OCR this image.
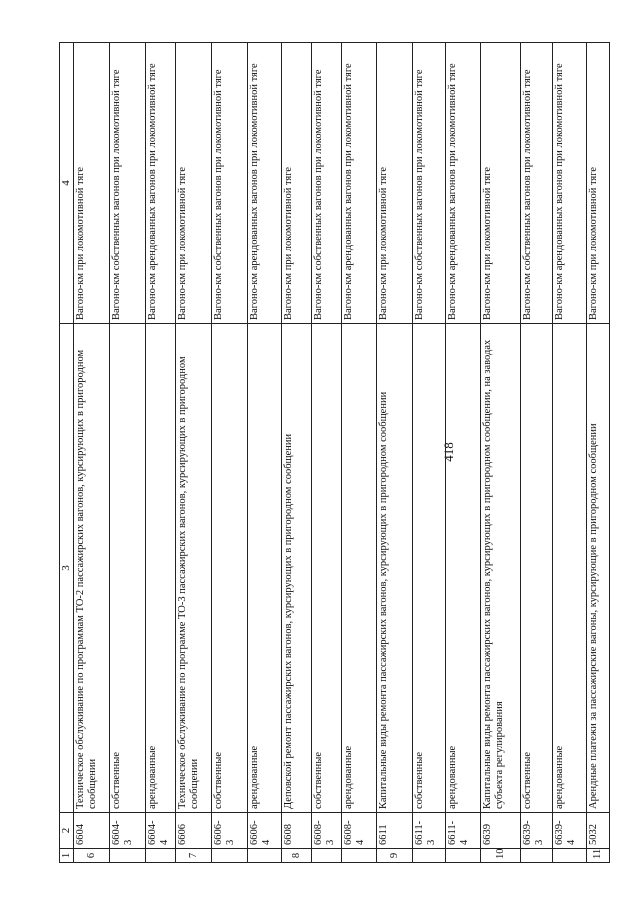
418
1	2	3	4
6	6604	Техническое обслуживание по программам ТО-2 пассажирских вагонов, курсирующих в пригородном сообщении	Вагоно-км при локомотивной тяге
	6604-3	собственные	Вагоно-км собственных вагонов при локомотивной тяге
	6604-4	арендованные	Вагоно-км арендованных вагонов при локомотивной тяге
7	6606	Техническое обслуживание по программе ТО-3 пассажирских вагонов, курсирующих в пригородном сообщении	Вагоно-км при локомотивной тяге
	6606-3	собственные	Вагоно-км собственных вагонов при локомотивной тяге
	6606-4	арендованные	Вагоно-км арендованных вагонов при локомотивной тяге
8	6608	Деповской ремонт пассажирских вагонов, курсирующих в пригородном сообщении	Вагоно-км при локомотивной тяге
	6608-3	собственные	Вагоно-км собственных вагонов при локомотивной тяге
	6608-4	арендованные	Вагоно-км арендованных вагонов при локомотивной тяге
9	6611	Капитальные виды ремонта пассажирских вагонов, курсирующих в пригородном сообщении	Вагоно-км при локомотивной тяге
	6611-3	собственные	Вагоно-км собственных вагонов при локомотивной тяге
	6611-4	арендованные	Вагоно-км арендованных вагонов при локомотивной тяге
10	6639	Капитальные виды ремонта пассажирских вагонов, курсирующих в пригородном сообщении, на заводах субъекта регулирования	Вагоно-км при локомотивной тяге
	6639-3	собственные	Вагоно-км собственных вагонов при локомотивной тяге
	6639-4	арендованные	Вагоно-км арендованных вагонов при локомотивной тяге
11	5032	Арендные платежи за пассажирские вагоны, курсирующие в пригородном сообщении	Вагоно-км при локомотивной тяге
